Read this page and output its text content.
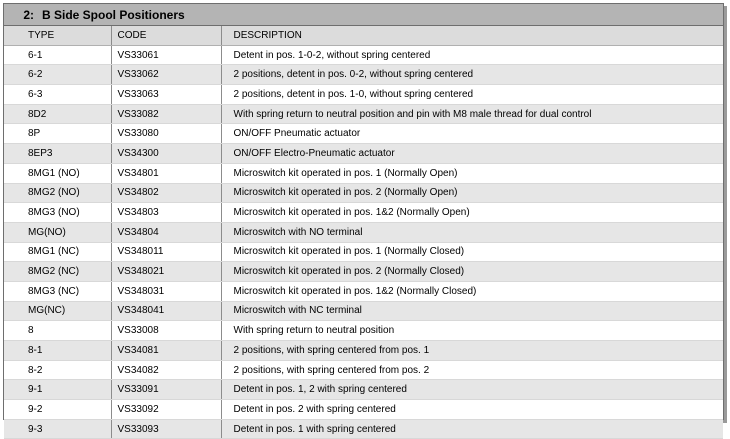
2: B Side Spool Positioners
TYPE	CODE	DESCRIPTION
6-1	VS33061	Detent in pos. 1-0-2, without spring centered
6-2	VS33062	2 positions, detent in pos. 0-2, without spring centered
6-3	VS33063	2 positions, detent in pos. 1-0, without spring centered
8D2	VS33082	With spring return to neutral position and pin with M8 male thread for dual control
8P	VS33080	ON/OFF Pneumatic actuator
8EP3	VS34300	ON/OFF Electro-Pneumatic actuator
8MG1 (NO)	VS34801	Microswitch kit operated in pos. 1 (Normally Open)
8MG2 (NO)	VS34802	Microswitch kit operated in pos. 2 (Normally Open)
8MG3 (NO)	VS34803	Microswitch kit operated in pos. 1&2 (Normally Open)
MG(NO)	VS34804	Microswitch with NO terminal
8MG1 (NC)	VS348011	Microswitch kit operated in pos. 1 (Normally Closed)
8MG2 (NC)	VS348021	Microswitch kit operated in pos. 2 (Normally Closed)
8MG3 (NC)	VS348031	Microswitch kit operated in pos. 1&2 (Normally Closed)
MG(NC)	VS348041	Microswitch with NC terminal
8	VS33008	With spring return to neutral position
8-1	VS34081	2 positions, with spring centered from pos. 1
8-2	VS34082	2 positions, with spring centered from pos. 2
9-1	VS33091	Detent in pos. 1, 2 with spring centered
9-2	VS33092	Detent in pos. 2 with spring centered
9-3	VS33093	Detent in pos. 1 with spring centered
